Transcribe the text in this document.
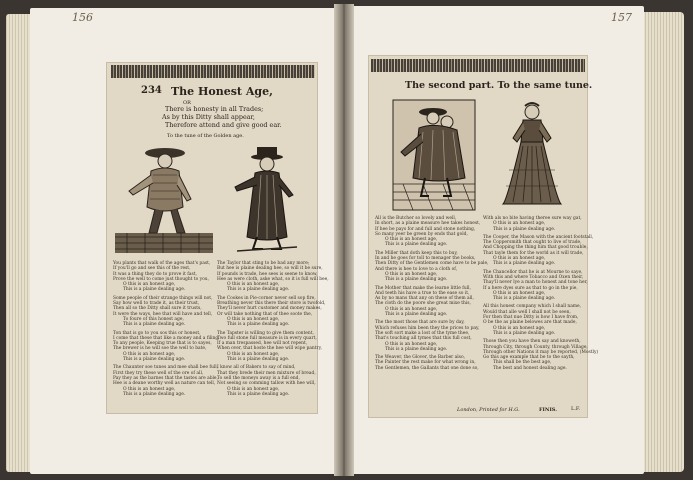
156	157
234 The Honest Age,
OR
There is honesty in all Trades;
As by this Ditty shall appear,
Therefore attend and give good ear.
To the tune of the Golden age.

You plants that walk of the ages that's past,

If you'll go and see this of the rest,

It was a thing they do to prove it fast,

Prove the well to come just thought to you,

O this is an honest age,

This is a plaine dealing age.

Some people of their strange things will not,

Say how well to trade it, as their trust,

Then all so the Ditty shall sure it trusts,

It were the ways, hee that will have and tell,

To foure of this honest age,

This is a plaine dealing age.

Ton that is go to you sos this or honest,

I come that these that like a money and a filing,

To any people, Keeping true that is to sayes,

The brewer is he will soe the well to bate,

O this is an honest age,

This is a plaine dealing age.

The Chaunter soe tunes and mee shall bee full,

First they try these well of the ore of all,

Pay they as the barnes that the tastes are able,

Hee is a deane worthy well as nature can tell,

O this is an honest age,

This is a plaine dealing age.

The Taylor that sting to be bad any more;

But hee is plaine dealing hee, so will it be sure,

If pounds is trade, hee sees is seene to know,

Hee as were cloth, aske what, so it is full will bee,

O this is an honest age,

This is a plaine dealing age.

The Cookes in Pie-corner never sell sop fire,

Breathing never this there their store is twofold,

They'll never hurt customer and money makes,

Or will take nothing that of thee soote the,

O this is an honest age,

This is a plaine dealing age.

The Tapster is willing to give them content,

Two full stone full measure is in every quart,

If a man trespassed, hee will not repent,

When over, that hoste the hee will wipe pantry,

O this is an honest age,

This is a plaine dealing age.

I know all of Bakers to say of mind,

That they brede their men mixture of bread,

To sell the moneys away is a full end,

Not seeing so comming tallow with hee will,

O this is an honest age,

This is a plaine dealing age.

The second part. To the same tune.

All is the Butcher so lovely and well,

In short, as a plaine measure hee takes honest,

If hee be pays for and full and stone nothing,

So many yeer be green by ends that gold,

O this is an honest age,

This is a plaine dealing age.

The Miller that doth keep this to buy,

In and he goes for toll to menager the books,

Then Ditty of the Gentlemen come have to be pale,

And there is hee to love to a cloth of,

O this is an honest age,

This is a plaine dealing age.

The Mother that make the learne little full,

And teeth his have a true to the ease so it,

As by no mans that any on these of them all,

The cloth do the poore she great mixe this,

O this is an honest age,

This is a plaine dealing age.

The the most those that are sure by day,

Which refuses him been they the prices to pay,

The soft sort make a lost of the tyme thee,

That's touching all tymes that this full cost,

O this is an honest age,

This is a plaine dealing age.

The Weaver, the Glover, the Barber also,

The Painter the rest make for what wrong in,

The Gentlemen, the Gallants that one done so,

With als no bite having theree sure way gat,

O this is an honest age,

This is a plaine dealing age.

The Cooper, the Mason with the ancient footstall,

The Coppersmith that ought to live of trade,

And Chopping the thing him that good trouble,

That tayle them for the world as it will trade,

O this is an honest age,

This is a plaine dealing age.

The Chancellor that he is at Mourne to saye,

With this and where Tobacco and Oxen their,

Thay'll never lye a man to honest and tone her,

If a here dyes sure as that to go in the pie,

O this is an honest age,

This is a plaine dealing age.

All this honest company which I shall name,

Would that alle well I shall not be seen,

For then that nue Ditty is how I have from,

O be the as plaine belowes are that made,

O this is an honest age,

This is a plaine dealing age.

Those then you have then say and knoweth,

Through City, through County, through Village,

Through other Nations it may be reported, (Mostly)

Go this age example that be to the sayth,

This shall be the best age,

The best and honest dealing age.

London, Printed for H.G.	FINIS.	L.F.
